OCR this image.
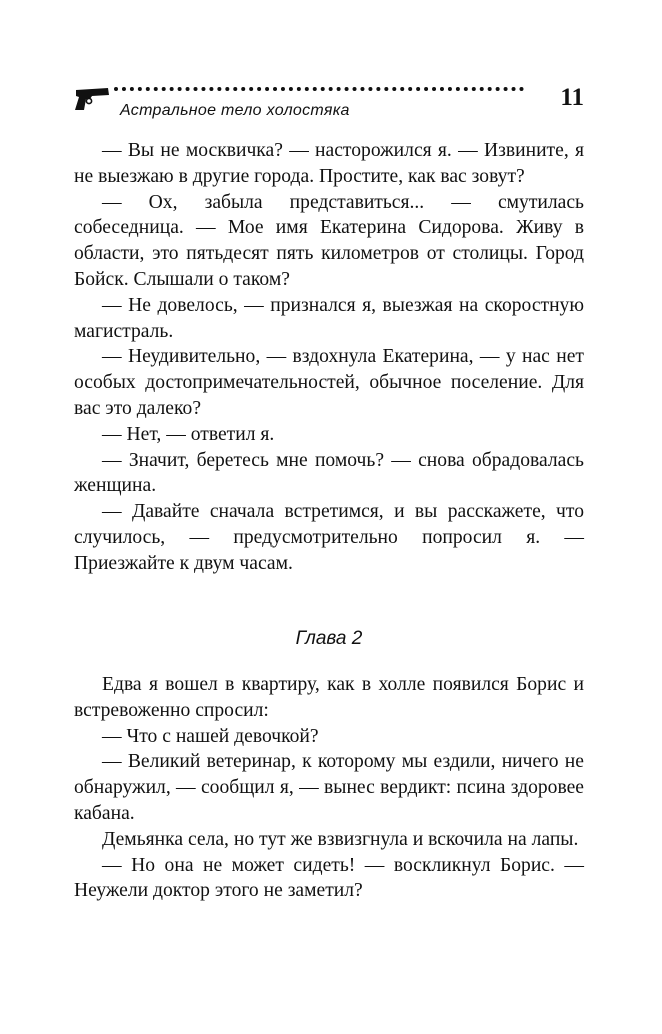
Астральное тело холостяка	11

— Вы не москвичка? — насторожился я. — Извините, я не выезжаю в другие города. Простите, как вас зовут?

— Ох, забыла представиться... — смутилась собеседница. — Мое имя Екатерина Сидорова. Живу в области, это пятьдесят пять километров от столицы. Город Бойск. Слышали о таком?

— Не довелось, — признался я, выезжая на скоростную магистраль.

— Неудивительно, — вздохнула Екатерина, — у нас нет особых достопримечательностей, обычное поселение. Для вас это далеко?

— Нет, — ответил я.

— Значит, беретесь мне помочь? — снова обрадовалась женщина.

— Давайте сначала встретимся, и вы расскажете, что случилось, — предусмотрительно попросил я. — Приезжайте к двум часам.

Глава 2

Едва я вошел в квартиру, как в холле появился Борис и встревоженно спросил:

— Что с нашей девочкой?

— Великий ветеринар, к которому мы ездили, ничего не обнаружил, — сообщил я, — вынес вердикт: псина здоровее кабана.

Демьянка села, но тут же взвизгнула и вскочила на лапы.

— Но она не может сидеть! — воскликнул Борис. — Неужели доктор этого не заметил?
